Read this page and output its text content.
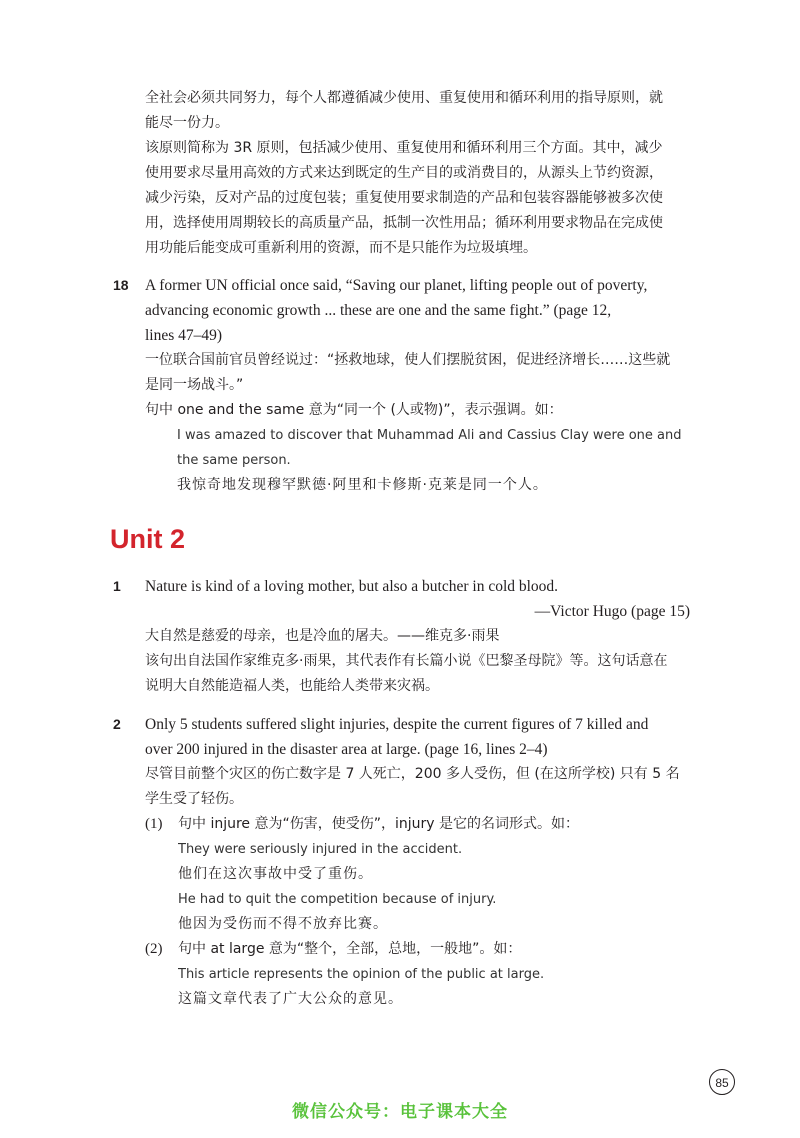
全社会必须共同努力，每个人都遵循减少使用、重复使用和循环利用的指导原则，就
能尽一份力。
该原则简称为 3R 原则，包括减少使用、重复使用和循环利用三个方面。其中，减少
使用要求尽量用高效的方式来达到既定的生产目的或消费目的，从源头上节约资源，
减少污染，反对产品的过度包装；重复使用要求制造的产品和包装容器能够被多次使
用，选择使用周期较长的高质量产品，抵制一次性用品；循环利用要求物品在完成使
用功能后能变成可重新利用的资源，而不是只能作为垃圾填埋。
18 A former UN official once said, “Saving our planet, lifting people out of poverty,
advancing economic growth ... these are one and the same fight.” (page 12,
lines 47–49)
一位联合国前官员曾经说过：“拯救地球，使人们摆脱贫困，促进经济增长……这些就
是同一场战斗。”
句中 one and the same 意为“同一个 (人或物)”，表示强调。如：
I was amazed to discover that Muhammad Ali and Cassius Clay were one and
the same person.
我惊奇地发现穆罕默德·阿里和卡修斯·克莱是同一个人。
Unit 2
1 Nature is kind of a loving mother, but also a butcher in cold blood.
—Victor Hugo (page 15)
大自然是慈爱的母亲，也是冷血的屠夫。——维克多·雨果
该句出自法国作家维克多·雨果，其代表作有长篇小说《巴黎圣母院》等。这句话意在
说明大自然能造福人类，也能给人类带来灾祸。
2 Only 5 students suffered slight injuries, despite the current figures of 7 killed and
over 200 injured in the disaster area at large. (page 16, lines 2–4)
尽管目前整个灾区的伤亡数字是 7 人死亡，200 多人受伤，但 (在这所学校) 只有 5 名
学生受了轻伤。
(1) 句中 injure 意为“伤害，使受伤”，injury 是它的名词形式。如：
They were seriously injured in the accident.
他们在这次事故中受了重伤。
He had to quit the competition because of injury.
他因为受伤而不得不放弃比赛。
(2) 句中 at large 意为“整个，全部，总地，一般地”。如：
This article represents the opinion of the public at large.
这篇文章代表了广大公众的意见。
85
微信公众号：电子课本大全
